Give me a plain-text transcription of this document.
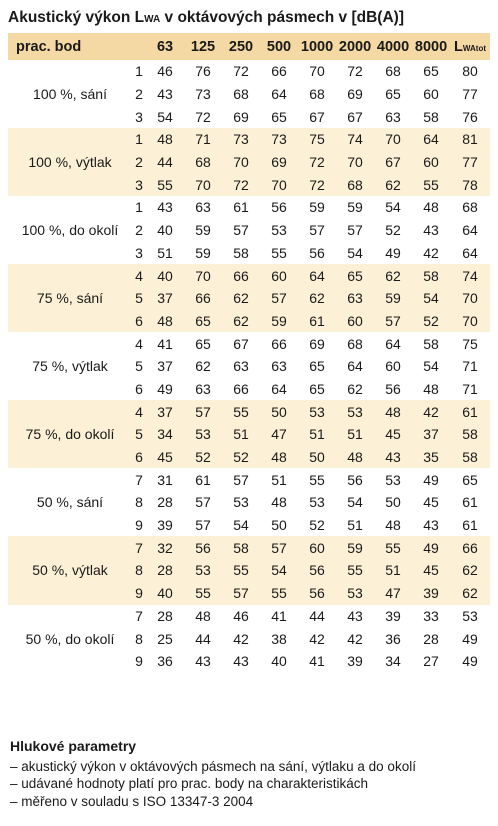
Akustický výkon LWA v oktávových pásmech v [dB(A)]
prac. bod		63	125	250	500	1000	2000	4000	8000	LWAtot
100 %, sání	1	46	76	72	66	70	72	68	65	80
	2	43	73	68	64	68	69	65	60	77
	3	54	72	69	65	67	67	63	58	76
100 %, výtlak	1	48	71	73	73	75	74	70	64	81
	2	44	68	70	69	72	70	67	60	77
	3	55	70	72	70	72	68	62	55	78
100 %, do okolí	1	43	63	61	56	59	59	54	48	68
	2	40	59	57	53	57	57	52	43	64
	3	51	59	58	55	56	54	49	42	64
75 %, sání	4	40	70	66	60	64	65	62	58	74
	5	37	66	62	57	62	63	59	54	70
	6	48	65	62	59	61	60	57	52	70
75 %, výtlak	4	41	65	67	66	69	68	64	58	75
	5	37	62	63	63	65	64	60	54	71
	6	49	63	66	64	65	62	56	48	71
75 %, do okolí	4	37	57	55	50	53	53	48	42	61
	5	34	53	51	47	51	51	45	37	58
	6	45	52	52	48	50	48	43	35	58
50 %, sání	7	31	61	57	51	55	56	53	49	65
	8	28	57	53	48	53	54	50	45	61
	9	39	57	54	50	52	51	48	43	61
50 %, výtlak	7	32	56	58	57	60	59	55	49	66
	8	28	53	55	54	56	55	51	45	62
	9	40	55	57	55	56	53	47	39	62
50 %, do okolí	7	28	48	46	41	44	43	39	33	53
	8	25	44	42	38	42	42	36	28	49
	9	36	43	43	40	41	39	34	27	49
Hlukové parametry
– akustický výkon v oktávových pásmech na sání, výtlaku a do okolí
– udávané hodnoty platí pro prac. body na charakteristikách
– měřeno v souladu s ISO 13347-3 2004
